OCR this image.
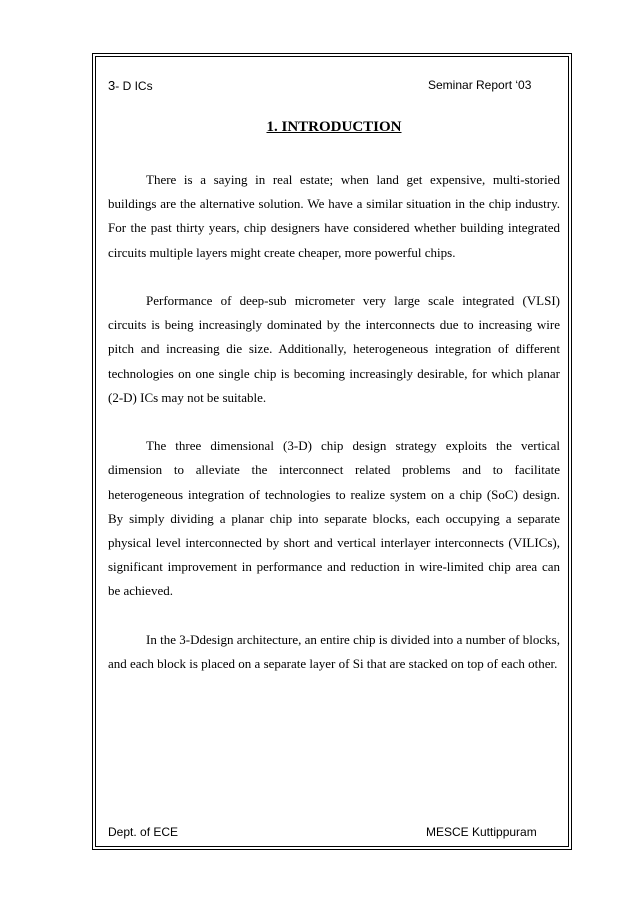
3- D ICs	Seminar Report ‘03
1. INTRODUCTION

There is a saying in real estate; when land get expensive, multi-storied buildings are the alternative solution. We have a similar situation in the chip industry. For the past thirty years, chip designers have considered whether building integrated circuits multiple layers might create cheaper, more powerful chips.

Performance of deep-sub micrometer very large scale integrated (VLSI) circuits is being increasingly dominated by the interconnects due to increasing wire pitch and increasing die size. Additionally, heterogeneous integration of different technologies on one single chip is becoming increasingly desirable, for which planar (2-D) ICs may not be suitable.

The three dimensional (3-D) chip design strategy exploits the vertical dimension to alleviate the interconnect related problems and to facilitate heterogeneous integration of technologies to realize system on a chip (SoC) design. By simply dividing a planar chip into separate blocks, each occupying a separate physical level interconnected by short and vertical interlayer interconnects (VILICs), significant improvement in performance and reduction in wire-limited chip area can be achieved.

In the 3-Ddesign architecture, an entire chip is divided into a number of blocks, and each block is placed on a separate layer of Si that are stacked on top of each other.

Dept. of ECE	MESCE Kuttippuram
